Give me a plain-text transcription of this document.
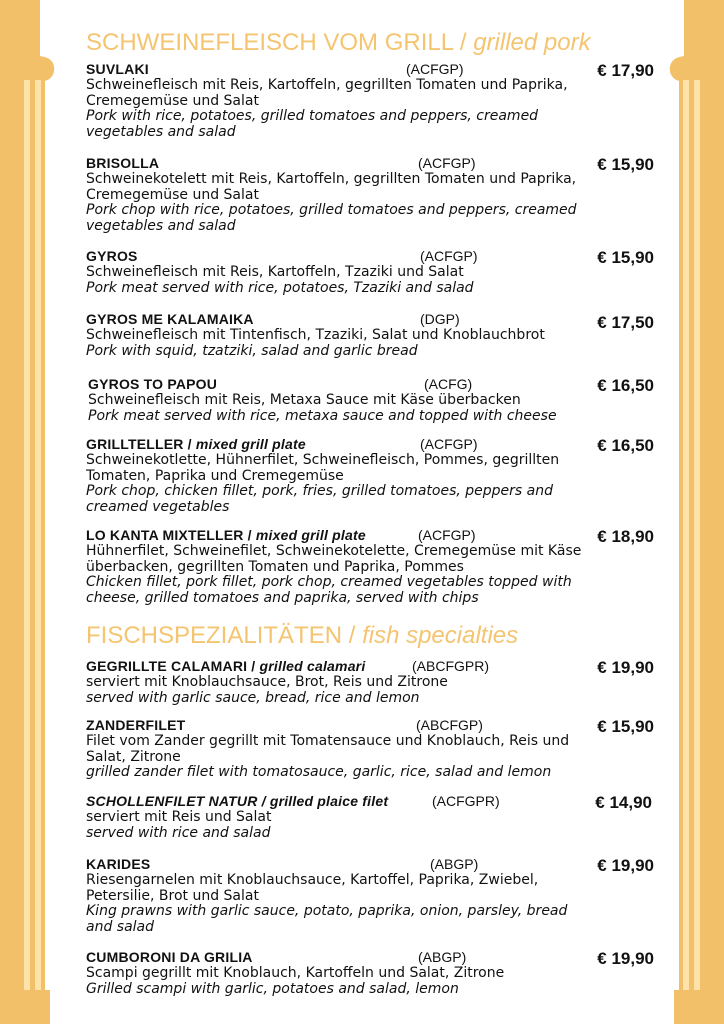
SCHWEINEFLEISCH VOM GRILL / grilled pork
SUVLAKI	(ACFGP)	€ 17,90
Schweinefleisch mit Reis, Kartoffeln, gegrillten Tomaten und Paprika, Cremegemüse und Salat
Pork with rice, potatoes, grilled tomatoes and peppers, creamed vegetables and salad
BRISOLLA	(ACFGP)	€ 15,90
Schweinekotelett mit Reis, Kartoffeln, gegrillten Tomaten und Paprika, Cremegemüse und Salat
Pork chop with rice, potatoes, grilled tomatoes and peppers, creamed vegetables and salad
GYROS	(ACFGP)	€ 15,90
Schweinefleisch mit Reis, Kartoffeln, Tzaziki und Salat
Pork meat served with rice, potatoes, Tzaziki and salad
GYROS ME KALAMAIKA	(DGP)	€ 17,50
Schweinefleisch mit Tintenfisch, Tzaziki, Salat und Knoblauchbrot
Pork with squid, tzatziki, salad and garlic bread
GYROS TO PAPOU	(ACFG)	€ 16,50
Schweinefleisch mit Reis, Metaxa Sauce mit Käse überbacken
Pork meat served with rice, metaxa sauce and topped with cheese
GRILLTELLER / mixed grill plate	(ACFGP)	€ 16,50
Schweinekotlette, Hühnerfilet, Schweinefleisch, Pommes, gegrillten Tomaten, Paprika und Cremegemüse
Pork chop, chicken fillet, pork, fries, grilled tomatoes, peppers and creamed vegetables
LO KANTA MIXTELLER / mixed grill plate	(ACFGP)	€ 18,90
Hühnerfilet, Schweinefilet, Schweinekotelette, Cremegemüse mit Käse überbacken, gegrillten Tomaten und Paprika, Pommes
Chicken fillet, pork fillet, pork chop, creamed vegetables topped with cheese, grilled tomatoes and paprika, served with chips
FISCHSPEZIALITÄTEN / fish specialties
GEGRILLTE CALAMARI / grilled calamari	(ABCFGPR)	€ 19,90
serviert mit Knoblauchsauce, Brot, Reis und Zitrone
served with garlic sauce, bread, rice and lemon
ZANDERFILET	(ABCFGP)	€ 15,90
Filet vom Zander gegrillt mit Tomatensauce und Knoblauch, Reis und Salat, Zitrone
grilled zander filet with tomatosauce, garlic, rice, salad and lemon
SCHOLLENFILET NATUR / grilled plaice filet	(ACFGPR)	€ 14,90
serviert mit Reis und Salat
served with rice and salad
KARIDES	(ABGP)	€ 19,90
Riesengarnelen mit Knoblauchsauce, Kartoffel, Paprika, Zwiebel, Petersilie, Brot und Salat
King prawns with garlic sauce, potato, paprika, onion, parsley, bread and salad
CUMBORONI DA GRILIA	(ABGP)	€ 19,90
Scampi gegrillt mit Knoblauch, Kartoffeln und Salat, Zitrone
Grilled scampi with garlic, potatoes and salad, lemon
